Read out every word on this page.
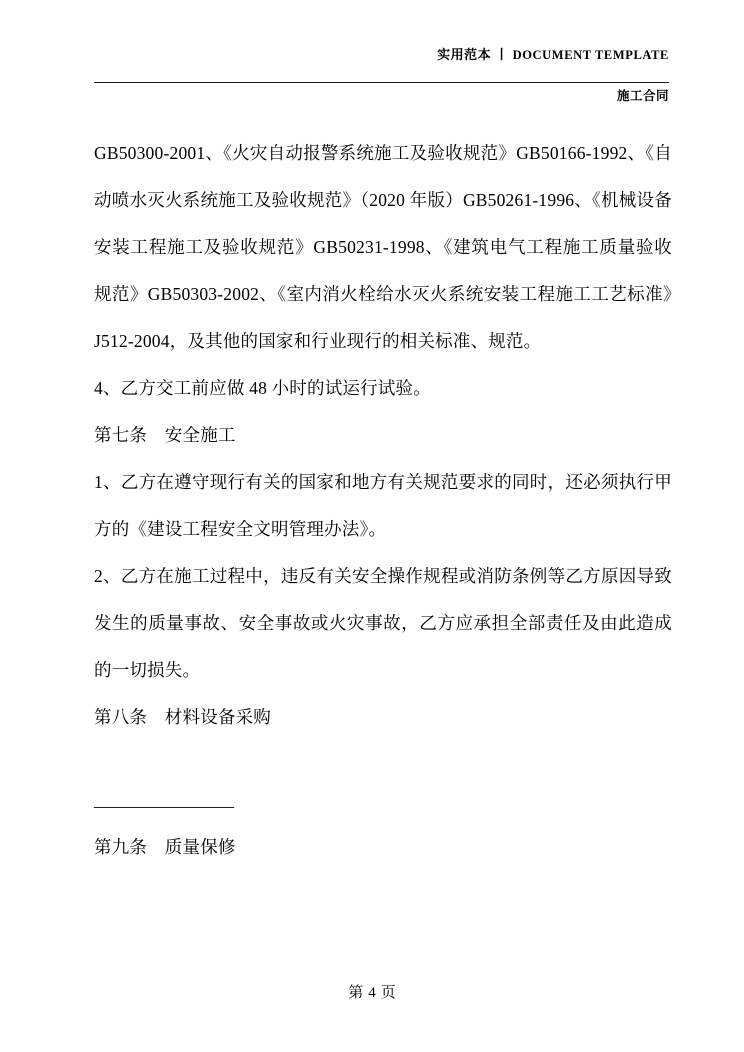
实用范本 丨 DOCUMENT TEMPLATE
施工合同

GB50300-2001、《火灾自动报警系统施工及验收规范》GB50166-1992、《自动喷水灭火系统施工及验收规范》（2020 年版）GB50261-1996、《机械设备安装工程施工及验收规范》GB50231-1998、《建筑电气工程施工质量验收规范》GB50303-2002、《室内消火栓给水灭火系统安装工程施工工艺标准》J512-2004，及其他的国家和行业现行的相关标准、规范。

4、乙方交工前应做 48 小时的试运行试验。

第七条　安全施工

1、乙方在遵守现行有关的国家和地方有关规范要求的同时，还必须执行甲方的《建设工程安全文明管理办法》。

2、乙方在施工过程中，违反有关安全操作规程或消防条例等乙方原因导致发生的质量事故、安全事故或火灾事故，乙方应承担全部责任及由此造成的一切损失。

第八条　材料设备采购

————————

第九条　质量保修

第 4 页
